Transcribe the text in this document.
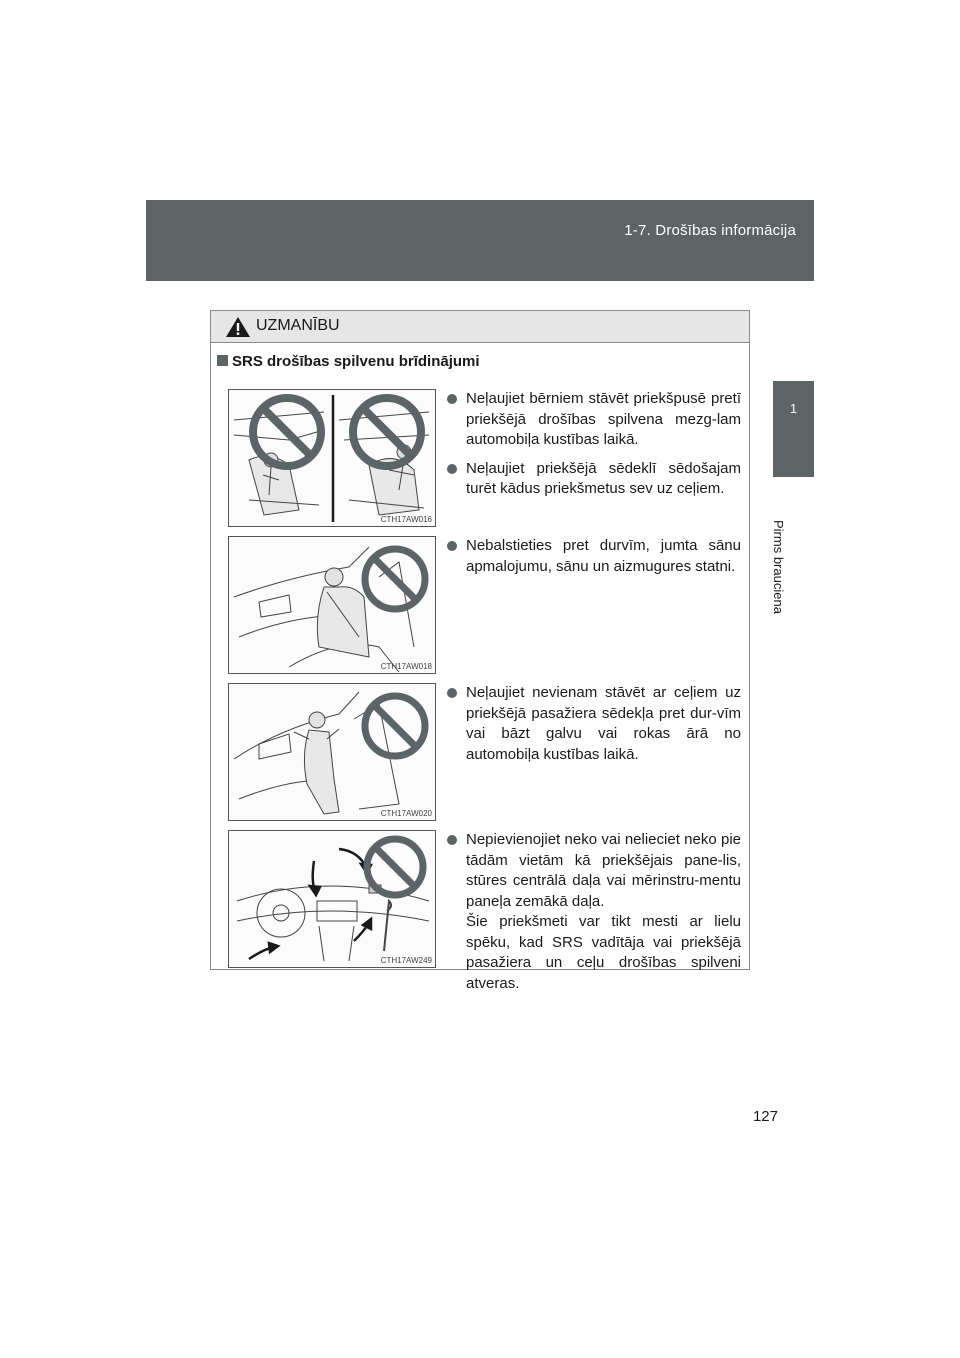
1-7. Drošības informācija
1
Pirms brauciena
UZMANĪBU
SRS drošības spilvenu brīdinājumi
CTH17AW016
Neļaujiet bērniem stāvēt priekšpusē pretī priekšējā drošības spilvena mezg-lam automobiļa kustības laikā.
Neļaujiet priekšējā sēdeklī sēdošajam turēt kādus priekšmetus sev uz ceļiem.
CTH17AW018
Nebalstieties pret durvīm, jumta sānu apmalojumu, sānu un aizmugures statni.
CTH17AW020
Neļaujiet nevienam stāvēt ar ceļiem uz priekšējā pasažiera sēdekļa pret dur-vīm vai bāzt galvu vai rokas ārā no automobiļa kustības laikā.
CTH17AW249
Nepievienojiet neko vai nelieciet neko pie tādām vietām kā priekšējais pane-lis, stūres centrālā daļa vai mērinstru-mentu paneļa zemākā daļa.
Šie priekšmeti var tikt mesti ar lielu spēku, kad SRS vadītāja vai priekšējā pasažiera un ceļu drošības spilveni atveras.
127
